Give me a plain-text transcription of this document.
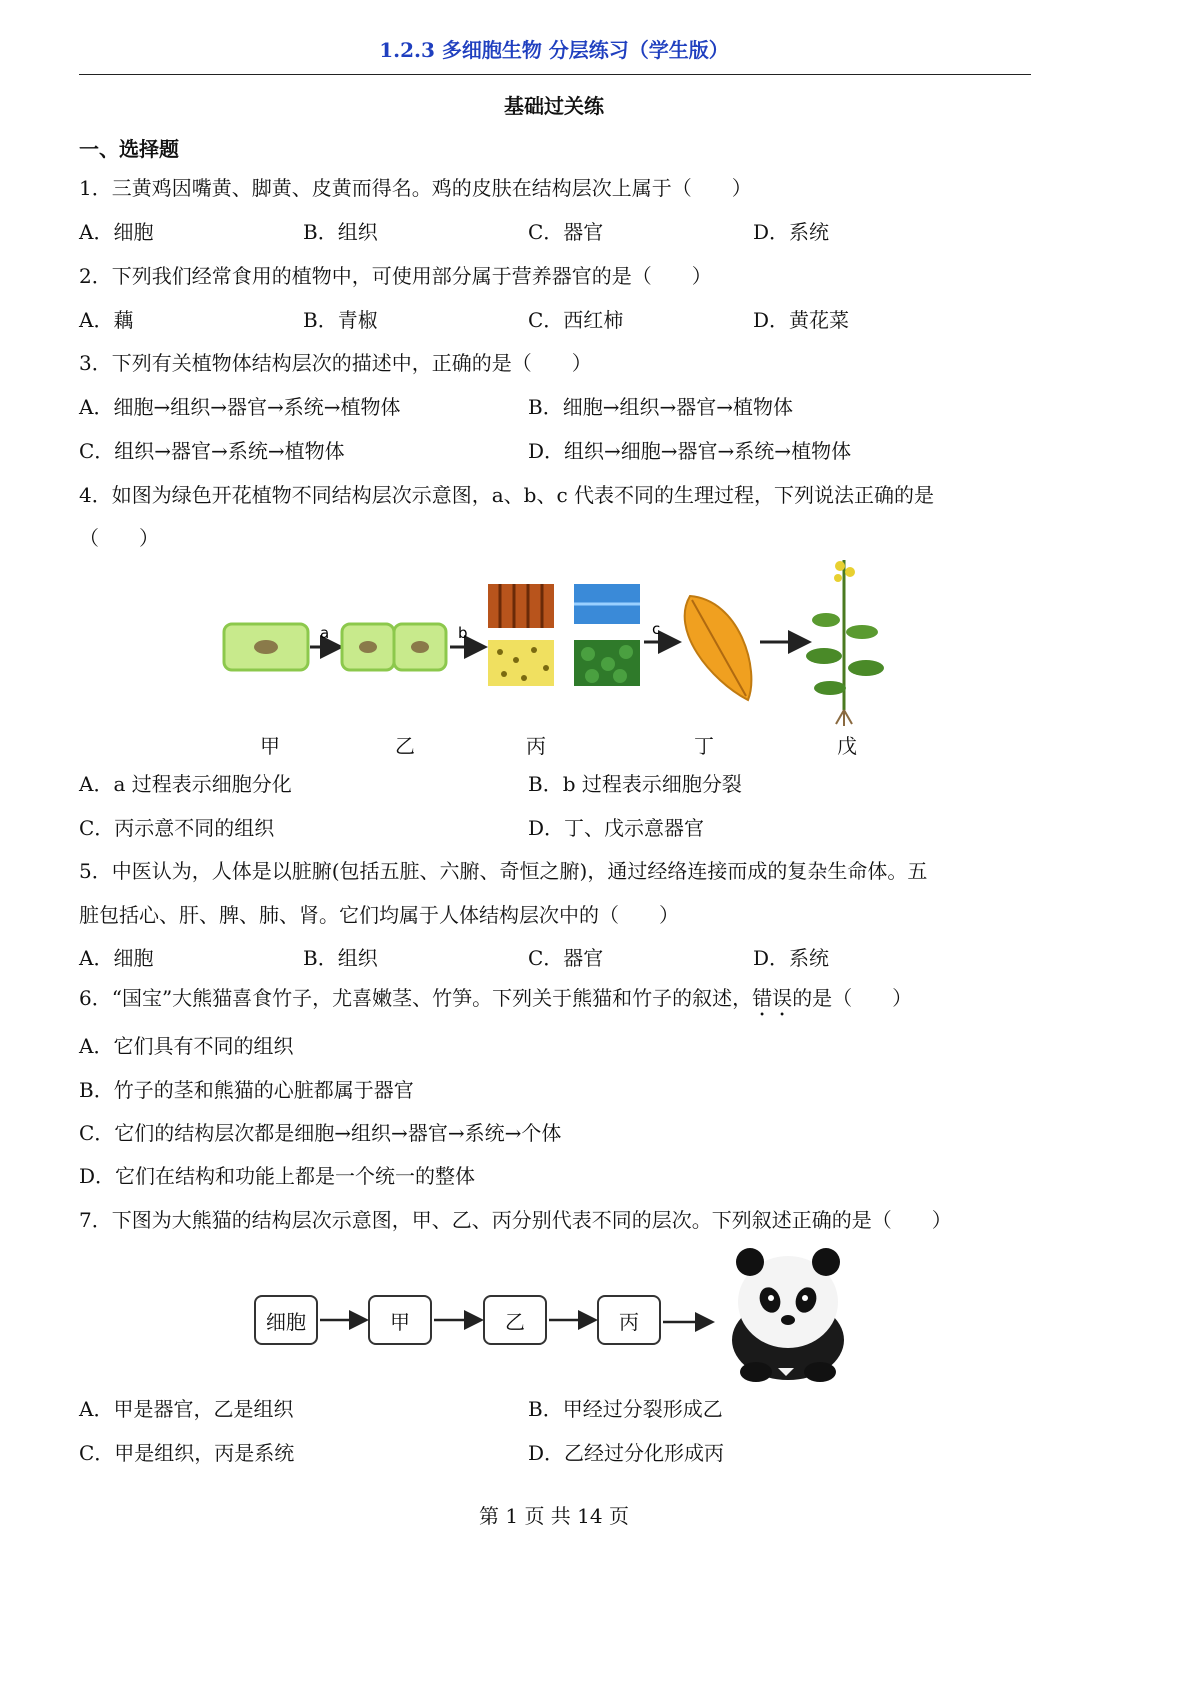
1.2.3 多细胞生物 分层练习（学生版）
基础过关练
一、选择题
1．三黄鸡因嘴黄、脚黄、皮黄而得名。鸡的皮肤在结构层次上属于（　　）
A．细胞	B．组织	C．器官	D．系统
2．下列我们经常食用的植物中，可使用部分属于营养器官的是（　　）
A．藕	B．青椒	C．西红柿	D．黄花菜
3．下列有关植物体结构层次的描述中，正确的是（　　）
A．细胞→组织→器官→系统→植物体	B．细胞→组织→器官→植物体
C．组织→器官→系统→植物体	D．组织→细胞→器官→系统→植物体
4．如图为绿色开花植物不同结构层次示意图，a、b、c 代表不同的生理过程，下列说法正确的是
（　　）
a	b	c
甲	乙	丙	丁	戊
A．a 过程表示细胞分化	B．b 过程表示细胞分裂
C．丙示意不同的组织	D．丁、戊示意器官
5．中医认为，人体是以脏腑(包括五脏、六腑、奇恒之腑)，通过经络连接而成的复杂生命体。五
脏包括心、肝、脾、肺、肾。它们均属于人体结构层次中的（　　）
A．细胞	B．组织	C．器官	D．系统
6．“国宝”大熊猫喜食竹子，尤喜嫩茎、竹笋。下列关于熊猫和竹子的叙述，错误的是（　　）
A．它们具有不同的组织
B．竹子的茎和熊猫的心脏都属于器官
C．它们的结构层次都是细胞→组织→器官→系统→个体
D．它们在结构和功能上都是一个统一的整体
7．下图为大熊猫的结构层次示意图，甲、乙、丙分别代表不同的层次。下列叙述正确的是（　　）
细胞	甲	乙	丙
A．甲是器官，乙是组织	B．甲经过分裂形成乙
C．甲是组织，丙是系统	D．乙经过分化形成丙
第 1 页 共 14 页
